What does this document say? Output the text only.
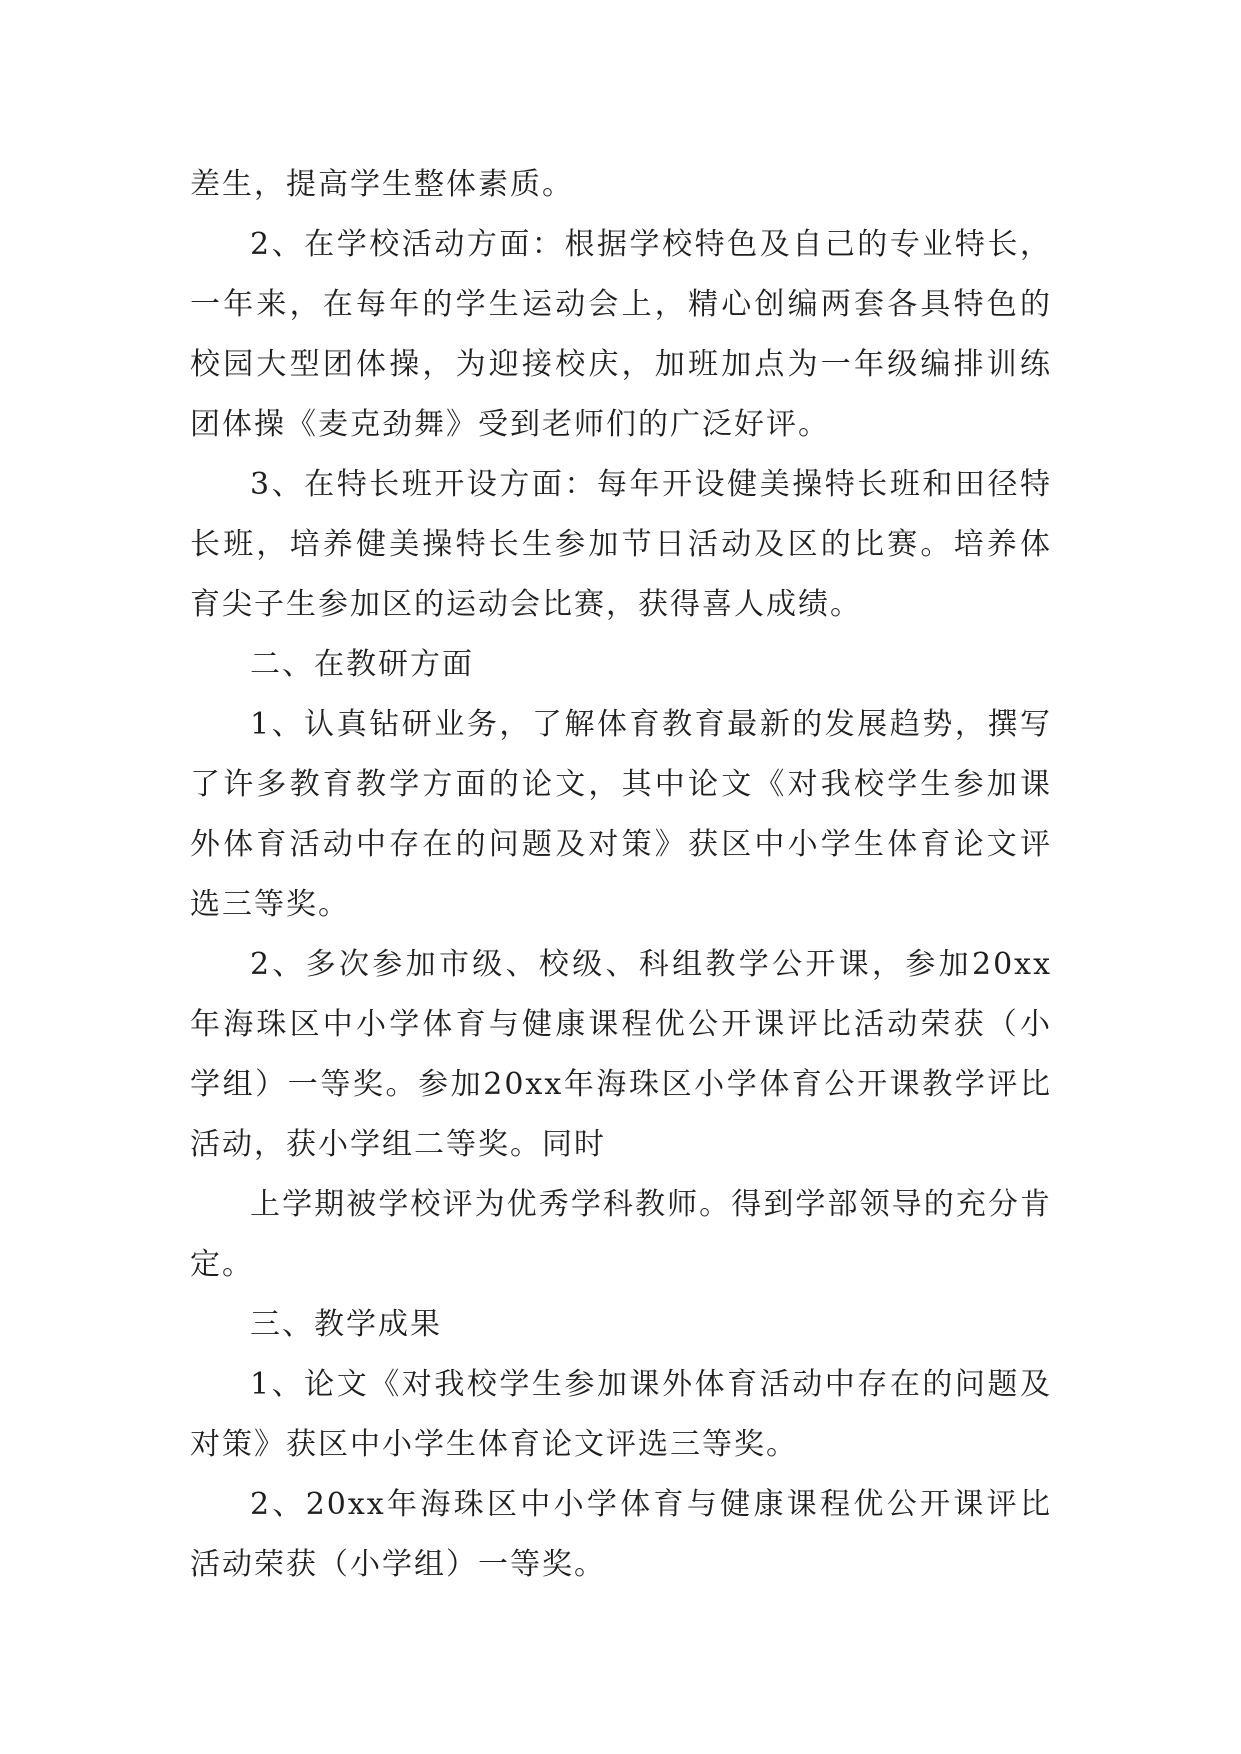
差生，提高学生整体素质。

2、在学校活动方面：根据学校特色及自己的专业特长，一年来，在每年的学生运动会上，精心创编两套各具特色的校园大型团体操，为迎接校庆，加班加点为一年级编排训练团体操《麦克劲舞》受到老师们的广泛好评。

3、在特长班开设方面：每年开设健美操特长班和田径特长班，培养健美操特长生参加节日活动及区的比赛。培养体育尖子生参加区的运动会比赛，获得喜人成绩。

二、在教研方面

1、认真钻研业务，了解体育教育最新的发展趋势，撰写了许多教育教学方面的论文，其中论文《对我校学生参加课外体育活动中存在的问题及对策》获区中小学生体育论文评选三等奖。

2、多次参加市级、校级、科组教学公开课，参加20xx年海珠区中小学体育与健康课程优公开课评比活动荣获（小学组）一等奖。参加20xx年海珠区小学体育公开课教学评比活动，获小学组二等奖。同时

上学期被学校评为优秀学科教师。得到学部领导的充分肯定。

三、教学成果

1、论文《对我校学生参加课外体育活动中存在的问题及对策》获区中小学生体育论文评选三等奖。

2、20xx年海珠区中小学体育与健康课程优公开课评比活动荣获（小学组）一等奖。
